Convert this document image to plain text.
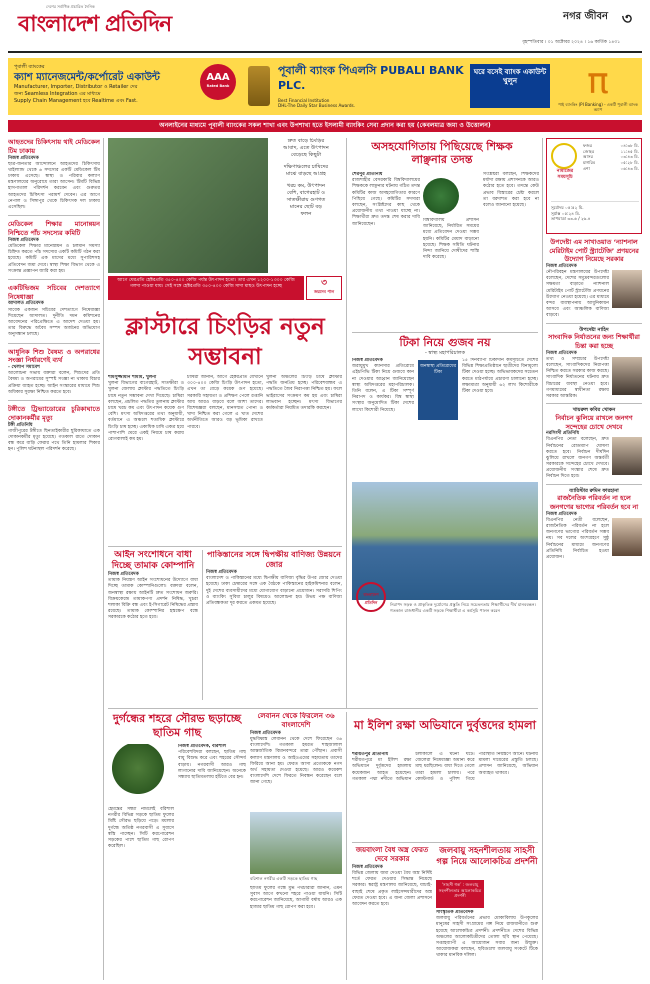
দেশের সর্বাধিক প্রচারিত দৈনিক
বাংলাদেশ প্রতিদিন	নগর জীবন ৩
বৃহস্পতিবার । ০১ অক্টোবর ২০২৪ । ১৬ কার্তিক ১৪৩১
পূবালী ব্যাংকের
ক্যাশ ম্যানেজমেন্ট/কর্পোরেট একাউন্ট
Manufacturer, Importer, Distributor ও Retailer দের
জন্য Seamless Integration এর মাধ্যমে
Supply Chain Management হবে Realtime এবং Fast.
AAA
Rated Bank
পূবালী ব্যাংক পিএলসি PUBALI BANK PLC.
Best Financial Institution
DHL-The Daily Star Business Awards.
ঘরে বসেই ব্যাংক একাউন্ট খুলুন	π
পাই ব্যাংকিং (PI Banking) - একটি পূবালী ব্যাংক অ্যাপ
অনলাইনের মাধ্যমে পূবালী ব্যাংকের সকল শাখা এবং উপশাখা হতে ইসলামী ব্যাংকিং সেবা প্রদান করা হয় (কেবলমাত্র জমা ও উত্তোলন)
আহতদের চিকিৎসায় থাই মেডিকেল টিম ঢাকায়
নিজস্ব প্রতিবেদক
ছাত্র-জনতার আন্দোলনে আহতদের চিকিৎসায় থাইল্যান্ড থেকে ৬ সদস্যের একটি মেডিকেল টিম ঢাকায় এসেছে। স্বাস্থ্য ও পরিবার কল্যাণ মন্ত্রণালয়ের অনুরোধে তারা আসেন। টিমটি বিভিন্ন হাসপাতাল পরিদর্শন করবেন এবং গুরুতর আহতদের চিকিৎসা পরামর্শ দেবেন। এর আগে নেপাল ও সিঙ্গাপুর থেকে চিকিৎসক দল ঢাকায় এসেছিল।
মেডিকেল শিক্ষার মানোন্নয়ন নিশ্চিতে পাঁচ সদস্যের কমিটি
নিজস্ব প্রতিবেদক
মেডিকেল শিক্ষার মানোন্নয়ন ও চলমান সমস্যা চিহ্নিত করতে পাঁচ সদস্যের একটি কমিটি গঠন করা হয়েছে। কমিটি এক মাসের মধ্যে সুপারিশসহ প্রতিবেদন জমা দেবে। স্বাস্থ্য শিক্ষা বিভাগ থেকে এ সংক্রান্ত প্রজ্ঞাপন জারি করা হয়।
একটিভিজম সচিবের দেশত্যাগে নিষেধাজ্ঞা
আদালত প্রতিবেদক
সাবেক একজন সচিবের দেশত্যাগে নিষেধাজ্ঞা দিয়েছেন আদালত। দুর্নীতি দমন কমিশনের আবেদনের পরিপ্রেক্ষিতে এ আদেশ দেওয়া হয়। তার বিরুদ্ধে অবৈধ সম্পদ অর্জনের অভিযোগ অনুসন্ধান চলছে।
আধুনিক শিশু বৈষম্য ও অপরাধের সংজ্ঞা নির্ধারণেই ব্যর্থ
- খেলাপ সমাবেশ
আলোচনা সভায় বক্তারা বলেন, শিশুদের প্রতি বৈষম্য ও অপরাধের সুস্পষ্ট সংজ্ঞা না থাকায় বিচার প্রক্রিয়া ব্যাহত হচ্ছে। আইন সংস্কারের মাধ্যমে শিশু অধিকার সুরক্ষা নিশ্চিত করতে হবে।
টঙ্গীতে ট্রিভ্যাডোরের চুরিকাঘাতে দোকানকর্মীর মৃত্যু
টঙ্গী প্রতিনিধি
গাজীপুরের টঙ্গীতে ছিনতাইকারীর ছুরিকাঘাতে এক দোকানকর্মীর মৃত্যু হয়েছে। গতকাল রাতে দোকান বন্ধ করে বাড়ি ফেরার পথে তিনি হামলার শিকার হন। পুলিশ ঘটনাস্থল পরিদর্শন করেছে।
দ্রুত বাড়ে চিংড়ির
আবাদ, এতে উৎপাদন
বেড়েছে কিছুটা
দক্ষিণাঞ্চলের চাষিদের
মাঝে বাড়ছে আগ্রহ
খরচ কম, উৎপাদন
বেশি, বাগেরহাট ও
সাতক্ষীরায় গুণগত
মানের ছোট বড়
ফলন
আগে ঘেরপ্রতি হেক্টরপ্রতি ৩৫০-৪০০ কেজি পর্যন্ত উৎপাদন হতো। তার এখন ১২০০-১৩০০ কেজি গলদা পাওয়া যায়। সেই সঙ্গে হেক্টরপ্রতি ৩৫০-৪০০ কেজি সাদা মাছও উৎপাদন হচ্ছে	৩
জয়দেব পাল
ক্লাস্টারে চিংড়ির নতুন সম্ভাবনা
শামসুজ্জামান শামীম, খুলনা
খুলনা বিভাগের বাগেরহাট, সাতক্ষীরা ও খুলনা জেলায় ক্লাস্টার পদ্ধতিতে চিংড়ি চাষে নতুন সম্ভাবনা দেখা দিয়েছে। চাষিরা বলছেন, প্রচলিত পদ্ধতির তুলনায় ক্লাস্টার চাষে খরচ কম এবং উৎপাদন কয়েক গুণ বেশি। মৎস্য অধিদপ্তরের তথ্য অনুযায়ী, বর্তমানে এ অঞ্চলে শতাধিক ক্লাস্টারে চিংড়ি চাষ হচ্ছে। একাধিক চাষি একত্র হয়ে পাশাপাশি ঘেরে একই নিয়মে চাষ করায় রোগবালাই কম হয়।
চাষিরা জানান, আগে হেক্টরপ্রতি যেখানে ৩০০-৪০০ কেজি চিংড়ি উৎপাদন হতো, এখন তা বেড়ে কয়েক গুণ হয়েছে। সরকারি সহায়তা ও প্রশিক্ষণ পেলে রপ্তানি আয় আরও বাড়বে বলে আশা তাদের। বিশেষজ্ঞরা বলছেন, মানসম্মত পোনা ও খাদ্য নিশ্চিত করা গেলে এ খাত দেশের অর্থনীতিতে আরও বড় ভূমিকা রাখতে পারবে।
খুলনা অঞ্চলের চিংড়ি চাষে ক্লাস্টার পদ্ধতি জনপ্রিয় হচ্ছে। পরিবেশবান্ধব এ পদ্ধতিতে জৈব নিরাপত্তা নিশ্চিত হয়। ফলে ভাইরাসের সংক্রমণ কম হয় এবং চাষিরা লাভবান হচ্ছেন। মৎস্য বিভাগের কর্মকর্তারা নিয়মিত তদারকি করছেন।
আইন সংশোধনে বাধা দিচ্ছে তামাক কোম্পানি
নিজস্ব প্রতিবেদক
তামাক নিয়ন্ত্রণ আইন সংশোধনের উদ্যোগে বাধা দিচ্ছে তামাক কোম্পানিগুলো। বক্তারা বলেন, জনস্বাস্থ্য রক্ষায় আইনটি দ্রুত সংশোধন জরুরি। বিক্রয়কেন্দ্রে তামাকপণ্য প্রদর্শন নিষিদ্ধ, খুচরা শলাকা বিক্রি বন্ধ এবং ই-সিগারেট নিষিদ্ধের প্রস্তাব রয়েছে। তামাক কোম্পানির হস্তক্ষেপ বন্ধে সরকারকে কঠোর হতে হবে।
পাকিস্তানের সঙ্গে দ্বিপক্ষীয় বাণিজ্য উন্নয়নে জোর
নিজস্ব প্রতিবেদক
বাংলাদেশ ও পাকিস্তানের মধ্যে দ্বিপক্ষীয় বাণিজ্য বৃদ্ধির উপর জোর দেওয়া হয়েছে। ঢাকা চেম্বারের সঙ্গে এক বৈঠকে পাকিস্তানের হাইকমিশনার বলেন, দুই দেশের ব্যবসায়ীদের মধ্যে যোগাযোগ বাড়ানো প্রয়োজন। সরাসরি শিপিং ও ব্যাংকিং সুবিধা চালুর বিষয়েও আলোচনা হয়। উভয় পক্ষ বাণিজ্য প্রতিবন্ধকতা দূর করতে একমত হয়েছে।
অসহযোগিতায় পিছিয়েছে শিক্ষক লাঞ্ছনার তদন্ত
শেরপুর প্রতিনিধি
রাজশাহীর বেসরকারি বিশ্ববিদ্যালয়ের শিক্ষককে লাঞ্ছনার ঘটনায় গঠিত তদন্ত কমিটির কাজ অসহযোগিতার কারণে পিছিয়ে গেছে। কমিটির সদস্যরা বলছেন, সংশ্লিষ্টদের কাছ থেকে প্রয়োজনীয় তথ্য পাওয়া যাচ্ছে না। শিক্ষার্থীরা দ্রুত তদন্ত শেষ করার দাবি জানিয়েছেন।
বিশ্ববিদ্যালয় প্রশাসন জানিয়েছে, নির্ধারিত সময়ের মধ্যে প্রতিবেদন দেওয়া সম্ভব হয়নি। কমিটির মেয়াদ বাড়ানো হয়েছে। শিক্ষক সমিতি ঘটনার নিন্দা জানিয়ে দোষীদের শাস্তি দাবি করেছে।
সংশ্লিষ্টরা বলছেন, শিক্ষকদের মর্যাদা রক্ষায় প্রশাসনকে আরও কঠোর হতে হবে। তদন্তে কেউ প্রভাব বিস্তারের চেষ্টা করলে তা বরদাশত করা হবে না বলেও জানানো হয়েছে।
টিকা নিয়ে গুজব নয়
- স্বাস্থ্য মহাপরিচালক
নিজস্ব প্রতিবেদক
জরায়ুমুখ ক্যানসার প্রতিরোধে এইচপিভি টিকা নিয়ে গুজবে কান না দেওয়ার আহ্বান জানিয়েছেন স্বাস্থ্য অধিদপ্তরের মহাপরিচালক। তিনি বলেন, এ টিকা সম্পূর্ণ নিরাপদ ও কার্যকর। বিশ্ব স্বাস্থ্য সংস্থার অনুমোদিত টিকা দেশের লাখো কিশোরী নিয়েছে।
জনস্বাস্থ্য প্রতিরোধের টিকা
১৫ দিনব্যাপী টিকাদান কর্মসূচিতে দেশের বিভিন্ন শিক্ষাপ্রতিষ্ঠানে ছাত্রীদের বিনামূল্যে টিকা দেওয়া হচ্ছে। অভিভাবকদের সচেতন করতে মাঠপর্যায়ে প্রচারণা চালানো হচ্ছে। লক্ষ্যমাত্রা অনুযায়ী ৬২ লাখ কিশোরীকে টিকা দেওয়া হবে।
নামাজের সময়সূচি
ফজর	০৪:৩৮ মি.
জোহর	১১:৪৫ মি.
আসর	০৩:৪৩ মি.
মাগরিব	০৫:২৮ মি.
এশা	০৬:৪৩ মি.
সূর্যোদয় ০৫:৫২ মি.
সূর্যাস্ত ০৫:২৪ মি.
তাপমাত্রা ৩৩.৬ / ২৬.৪
উপদেষ্টা এম সাখাওয়াত ‘ন্যাশনাল মেরিটাইম পোর্ট স্ট্র্যাটেজি’ প্রণয়নের উদ্যোগ নিয়েছে সরকার
নিজস্ব প্রতিবেদক
নৌপরিবহন মন্ত্রণালয়ের উপদেষ্টা বলেছেন, দেশের সমুদ্রবন্দরগুলোর সক্ষমতা বাড়াতে ন্যাশনাল মেরিটাইম পোর্ট স্ট্র্যাটেজি প্রণয়নের উদ্যোগ নেওয়া হয়েছে। এর মাধ্যমে বন্দর ব্যবস্থাপনায় আধুনিকায়ন আসবে এবং আঞ্চলিক বাণিজ্য বাড়বে।
উপদেষ্টা নাহিদ
সাংবাদিক নির্যাতনের জন্য শিক্ষার্থীরা চিন্তা করা হচ্ছে
নিজস্ব প্রতিবেদক
তথ্য ও সম্প্রচার উপদেষ্টা বলেছেন, সাংবাদিকদের নিরাপত্তা নিশ্চিত করতে সরকার কাজ করছে। সাংবাদিক নির্যাতনের ঘটনায় দ্রুত বিচারের ব্যবস্থা নেওয়া হবে। গণমাধ্যমের স্বাধীনতা রক্ষায় সরকার আন্তরিক।
খায়রুল কবির খোকন
নির্বাচন ঝুলিয়ে রাখলে জনগণ সন্দেহের চোখে দেখবে
নরসিংদী প্রতিনিধি
বিএনপির নেতা বলেছেন, দ্রুত নির্বাচনের রোডম্যাপ ঘোষণা করতে হবে। নির্বাচন দীর্ঘদিন ঝুলিয়ে রাখলে জনগণ অন্তর্বর্তী সরকারকে সন্দেহের চোখে দেখবে। প্রয়োজনীয় সংস্কার শেষে দ্রুত নির্বাচন দিতে হবে।
ব্যারিস্টার রুমিন ফারহানা
রাজনৈতিক পরিবর্তন না হলে জনগণের ভাগ্যের পরিবর্তন হবে না
নিজস্ব প্রতিবেদক
বিএনপির নেত্রী বলেছেন, রাজনৈতিক পরিবর্তন না হলে জনগণের ভাগ্যের পরিবর্তন সম্ভব নয়। সব দলের অংশগ্রহণে সুষ্ঠু নির্বাচনের মাধ্যমে জনগণের প্রতিনিধি নির্বাচিত হওয়া প্রয়োজন।
বাংলাদেশ প্রতিদিন	নিরাপদ সড়ক ও প্রাকৃতিক দুর্যোগের প্রস্তুতি নিয়ে সচেতনতায় শিক্ষার্থীদের দীর্ঘ মানববন্ধন। গতকাল রাজধানীর একটি সড়কে শিক্ষার্থীরা এ কর্মসূচি পালন করেন
লেবানন থেকে ফিরলেন ৩৬ বাংলাদেশি
নিজস্ব প্রতিবেদক
যুদ্ধবিধ্বস্ত লেবানন থেকে দেশে ফিরেছেন ৩৬ বাংলাদেশি। গতকাল হযরত শাহজালাল আন্তর্জাতিক বিমানবন্দরে তারা পৌঁছান। প্রবাসী কল্যাণ মন্ত্রণালয় ও আইওএমের সহায়তায় তাদের ফিরিয়ে আনা হয়। ফেরত আসা প্রত্যেককে নগদ অর্থ সহায়তা দেওয়া হয়েছে। আরও কয়েকশ বাংলাদেশি দেশে ফিরতে নিবন্ধন করেছেন বলে জানা গেছে।
মা ইলিশ রক্ষা অভিযানে দুর্বৃত্তদের হামলা
শরীয়তপুর প্রতিনিধি
শরীয়তপুরে মা ইলিশ রক্ষা অভিযানে দুর্বৃত্তদের হামলায় কয়েকজন আহত হয়েছেন। গতকাল পদ্মা নদীতে অভিযান চলাকালে এ ঘটনা ঘটে। জেলেরা নিষেধাজ্ঞা অমান্য করে মাছ ধরছিলেন। বাধা দিতে গেলে তারা হামলা চালায়। পরে কোস্টগার্ড ও পুলিশ গিয়ে পরিস্থিতি নিয়ন্ত্রণে আনে। ঘটনায় মামলা দায়েরের প্রস্তুতি চলছে। প্রশাসন জানিয়েছে, অভিযান অব্যাহত থাকবে।
দুর্গন্ধের শহরে সৌরভ ছড়াচ্ছে ছাতিম গাছ
হেমন্তের সন্ধ্যা নামলেই বরিশাল নগরীর বিভিন্ন সড়কে ছাতিম ফুলের মিষ্টি সৌরভ ছড়িয়ে পড়ে। ময়লার দুর্গন্ধে অতিষ্ঠ নগরবাসী এ সুবাসে স্বস্তি পাচ্ছেন। সিটি করপোরেশন সড়কের পাশে ছাতিম গাছ রোপণ করেছিল।
নিজস্ব প্রতিবেদক, বরিশাল
পরিবেশবিদরা বলছেন, ছাতিম গাছ বায়ু বিশুদ্ধ করে এবং শহরের সৌন্দর্য বাড়ায়। নগরবাসী আরও গাছ লাগানোর দাবি জানিয়েছেন। অনেকে সন্ধ্যায় ছাতিমতলায় হাঁটতে বের হন।
বরিশাল নগরীর একটি সড়কে ছাতিম গাছ
ছাতিম ফুলের গন্ধে মুগ্ধ পথচারীরা জানান, এমন সুবাস আগে কখনো শহরে পাওয়া যায়নি। সিটি করপোরেশন জানিয়েছে, আগামী বর্ষায় আরও এক হাজার ছাতিম গাছ রোপণ করা হবে।
জয়বাংলা বৈধ অস্ত্র ফেরত দেবে সরকার
নিজস্ব প্রতিবেদক
বিভিন্ন জেলায় জমা দেওয়া বৈধ অস্ত্র নির্দিষ্ট শর্তে ফেরত দেওয়ার সিদ্ধান্ত নিয়েছে সরকার। স্বরাষ্ট্র মন্ত্রণালয় জানিয়েছে, যাচাই-বাছাই শেষে প্রকৃত লাইসেন্সধারীদের অস্ত্র ফেরত দেওয়া হবে। এ জন্য জেলা প্রশাসনে আবেদন করতে হবে।
জলবায়ু সহনশীলতায় সাহসী গল্প নিয়ে আলোকচিত্র প্রদর্শনী
‘সাহসী গল্প’ : জলবায়ু সহনশীলতার আলোকচিত্র প্রদর্শনী
সাংস্কৃতিক প্রতিবেদক
জলবায়ু পরিবর্তনের প্রভাব মোকাবিলায় উপকূলের মানুষের সাহসী সংগ্রামের গল্প নিয়ে রাজধানীতে শুরু হয়েছে আলোকচিত্র প্রদর্শনী। প্রদর্শনীতে দেশের বিভিন্ন অঞ্চলের আলোকচিত্রীদের তোলা ছবি স্থান পেয়েছে। সপ্তাহব্যাপী এ আয়োজন সবার জন্য উন্মুক্ত। আয়োজকরা বলছেন, ছবিগুলো জলবায়ু সংকটে টিকে থাকার মানবিক দলিল।
